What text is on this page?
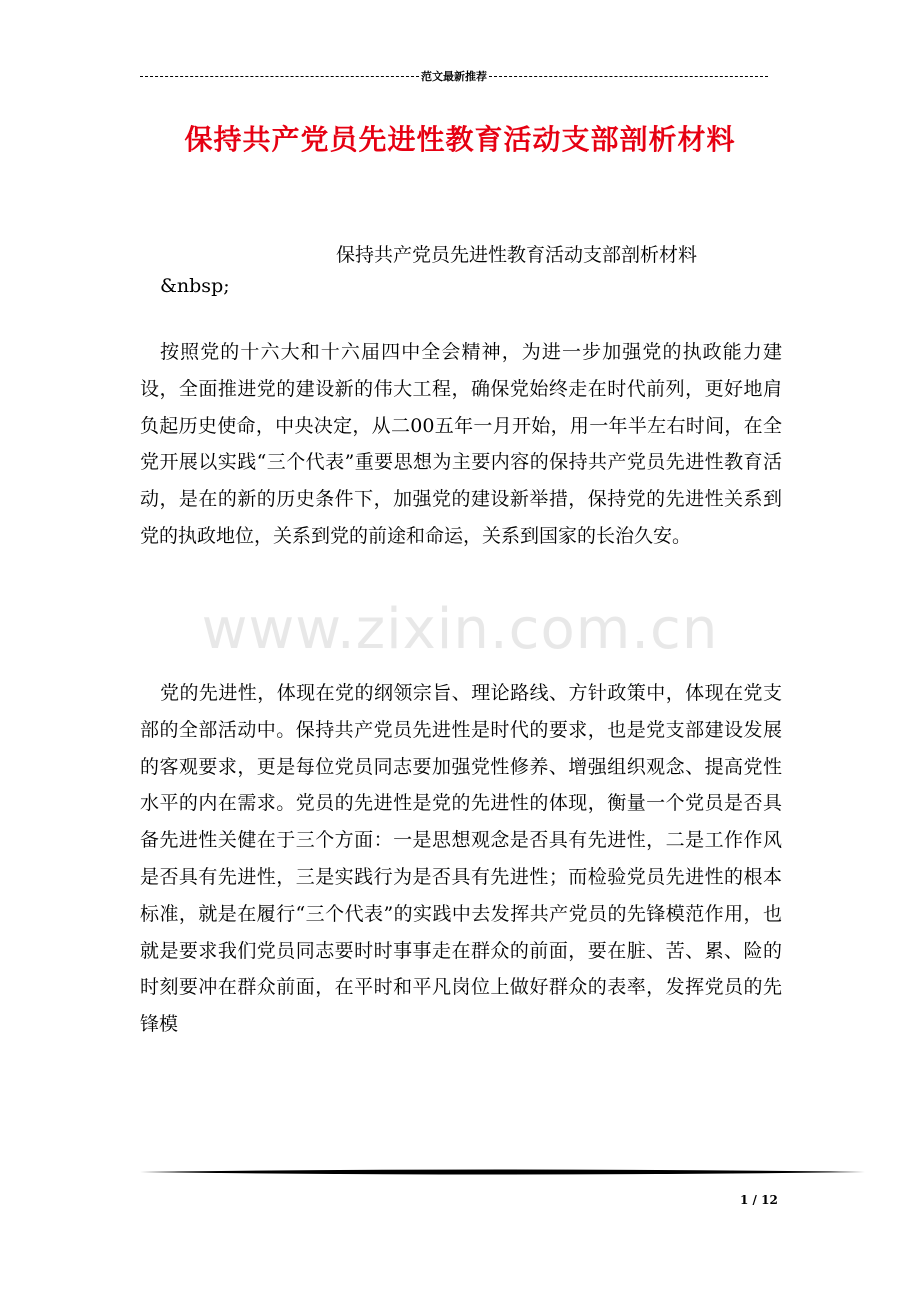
范文最新推荐
保持共产党员先进性教育活动支部剖析材料
保持共产党员先进性教育活动支部剖析材料
&nbsp;

按照党的十六大和十六届四中全会精神，为进一步加强党的执政能力建设，全面推进党的建设新的伟大工程，确保党始终走在时代前列，更好地肩负起历史使命，中央决定，从二00五年一月开始，用一年半左右时间，在全党开展以实践“三个代表”重要思想为主要内容的保持共产党员先进性教育活动，是在的新的历史条件下，加强党的建设新举措，保持党的先进性关系到党的执政地位，关系到党的前途和命运，关系到国家的长治久安。

党的先进性，体现在党的纲领宗旨、理论路线、方针政策中，体现在党支部的全部活动中。保持共产党员先进性是时代的要求，也是党支部建设发展的客观要求，更是每位党员同志要加强党性修养、增强组织观念、提高党性水平的内在需求。党员的先进性是党的先进性的体现，衡量一个党员是否具备先进性关健在于三个方面：一是思想观念是否具有先进性，二是工作作风是否具有先进性，三是实践行为是否具有先进性；而检验党员先进性的根本标准，就是在履行“三个代表”的实践中去发挥共产党员的先锋模范作用，也就是要求我们党员同志要时时事事走在群众的前面，要在脏、苦、累、险的时刻要冲在群众前面，在平时和平凡岗位上做好群众的表率，发挥党员的先锋模

www.zixin.com.cn
1 / 12
